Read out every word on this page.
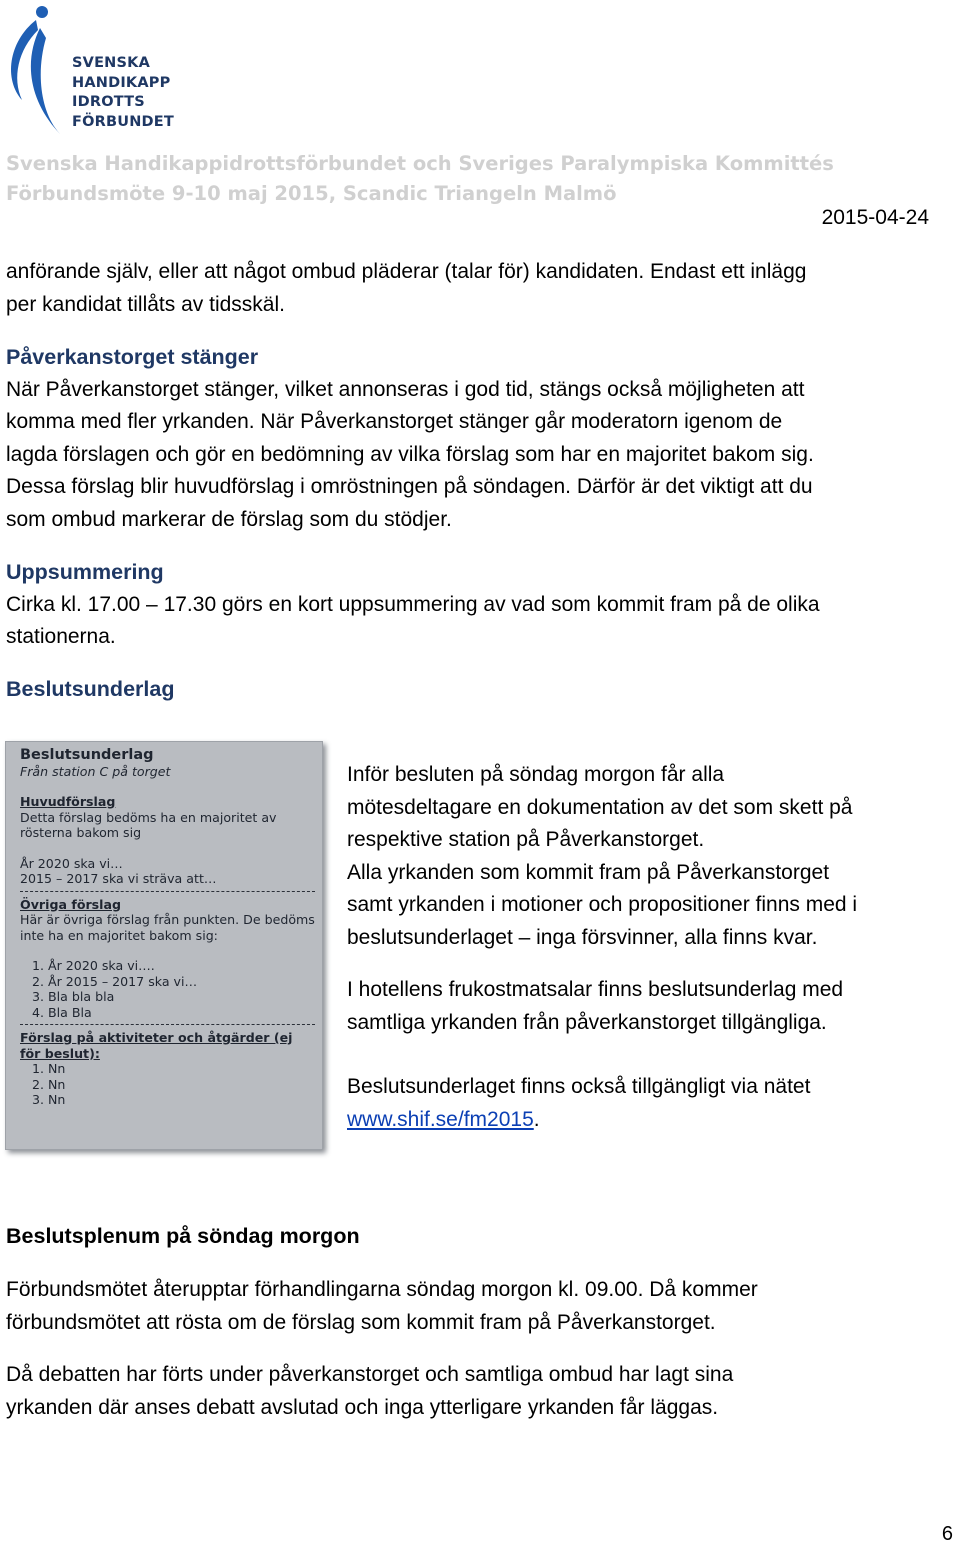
SVENSKA
HANDIKAPP
IDROTTS
FÖRBUNDET
Svenska Handikappidrottsförbundet och Sveriges Paralympiska Kommittés
Förbundsmöte 9-10 maj 2015, Scandic Triangeln Malmö
2015-04-24
anförande själv, eller att något ombud pläderar (talar för) kandidaten. Endast ett inlägg
per kandidat tillåts av tidsskäl.
Påverkanstorget stänger
När Påverkanstorget stänger, vilket annonseras i god tid, stängs också möjligheten att
komma med fler yrkanden. När Påverkanstorget stänger går moderatorn igenom de
lagda förslagen och gör en bedömning av vilka förslag som har en majoritet bakom sig.
Dessa förslag blir huvudförslag i omröstningen på söndagen. Därför är det viktigt att du
som ombud markerar de förslag som du stödjer.
Uppsummering
Cirka kl. 17.00 – 17.30 görs en kort uppsummering av vad som kommit fram på de olika
stationerna.
Beslutsunderlag
Beslutsunderlag
Från station C på torget
Huvudförslag
Detta förslag bedöms ha en majoritet av rösterna bakom sig
År 2020 ska vi…
2015 – 2017 ska vi sträva att…
Övriga förslag
Här är övriga förslag från punkten. De bedöms inte ha en majoritet bakom sig:
1. År 2020 ska vi….
2. År 2015 – 2017 ska vi…
3. Bla bla bla
4. Bla Bla
Förslag på aktiviteter och åtgärder (ej för beslut):
1. Nn
2. Nn
3. Nn
Inför besluten på söndag morgon får alla
mötesdeltagare en dokumentation av det som skett på
respektive station på Påverkanstorget.
Alla yrkanden som kommit fram på Påverkanstorget
samt yrkanden i motioner och propositioner finns med i
beslutsunderlaget – inga försvinner, alla finns kvar.
I hotellens frukostmatsalar finns beslutsunderlag med
samtliga yrkanden från påverkanstorget tillgängliga.
Beslutsunderlaget finns också tillgängligt via nätet
www.shif.se/fm2015.
Beslutsplenum på söndag morgon
Förbundsmötet återupptar förhandlingarna söndag morgon kl. 09.00. Då kommer
förbundsmötet att rösta om de förslag som kommit fram på Påverkanstorget.
Då debatten har förts under påverkanstorget och samtliga ombud har lagt sina
yrkanden där anses debatt avslutad och inga ytterligare yrkanden får läggas.
6
